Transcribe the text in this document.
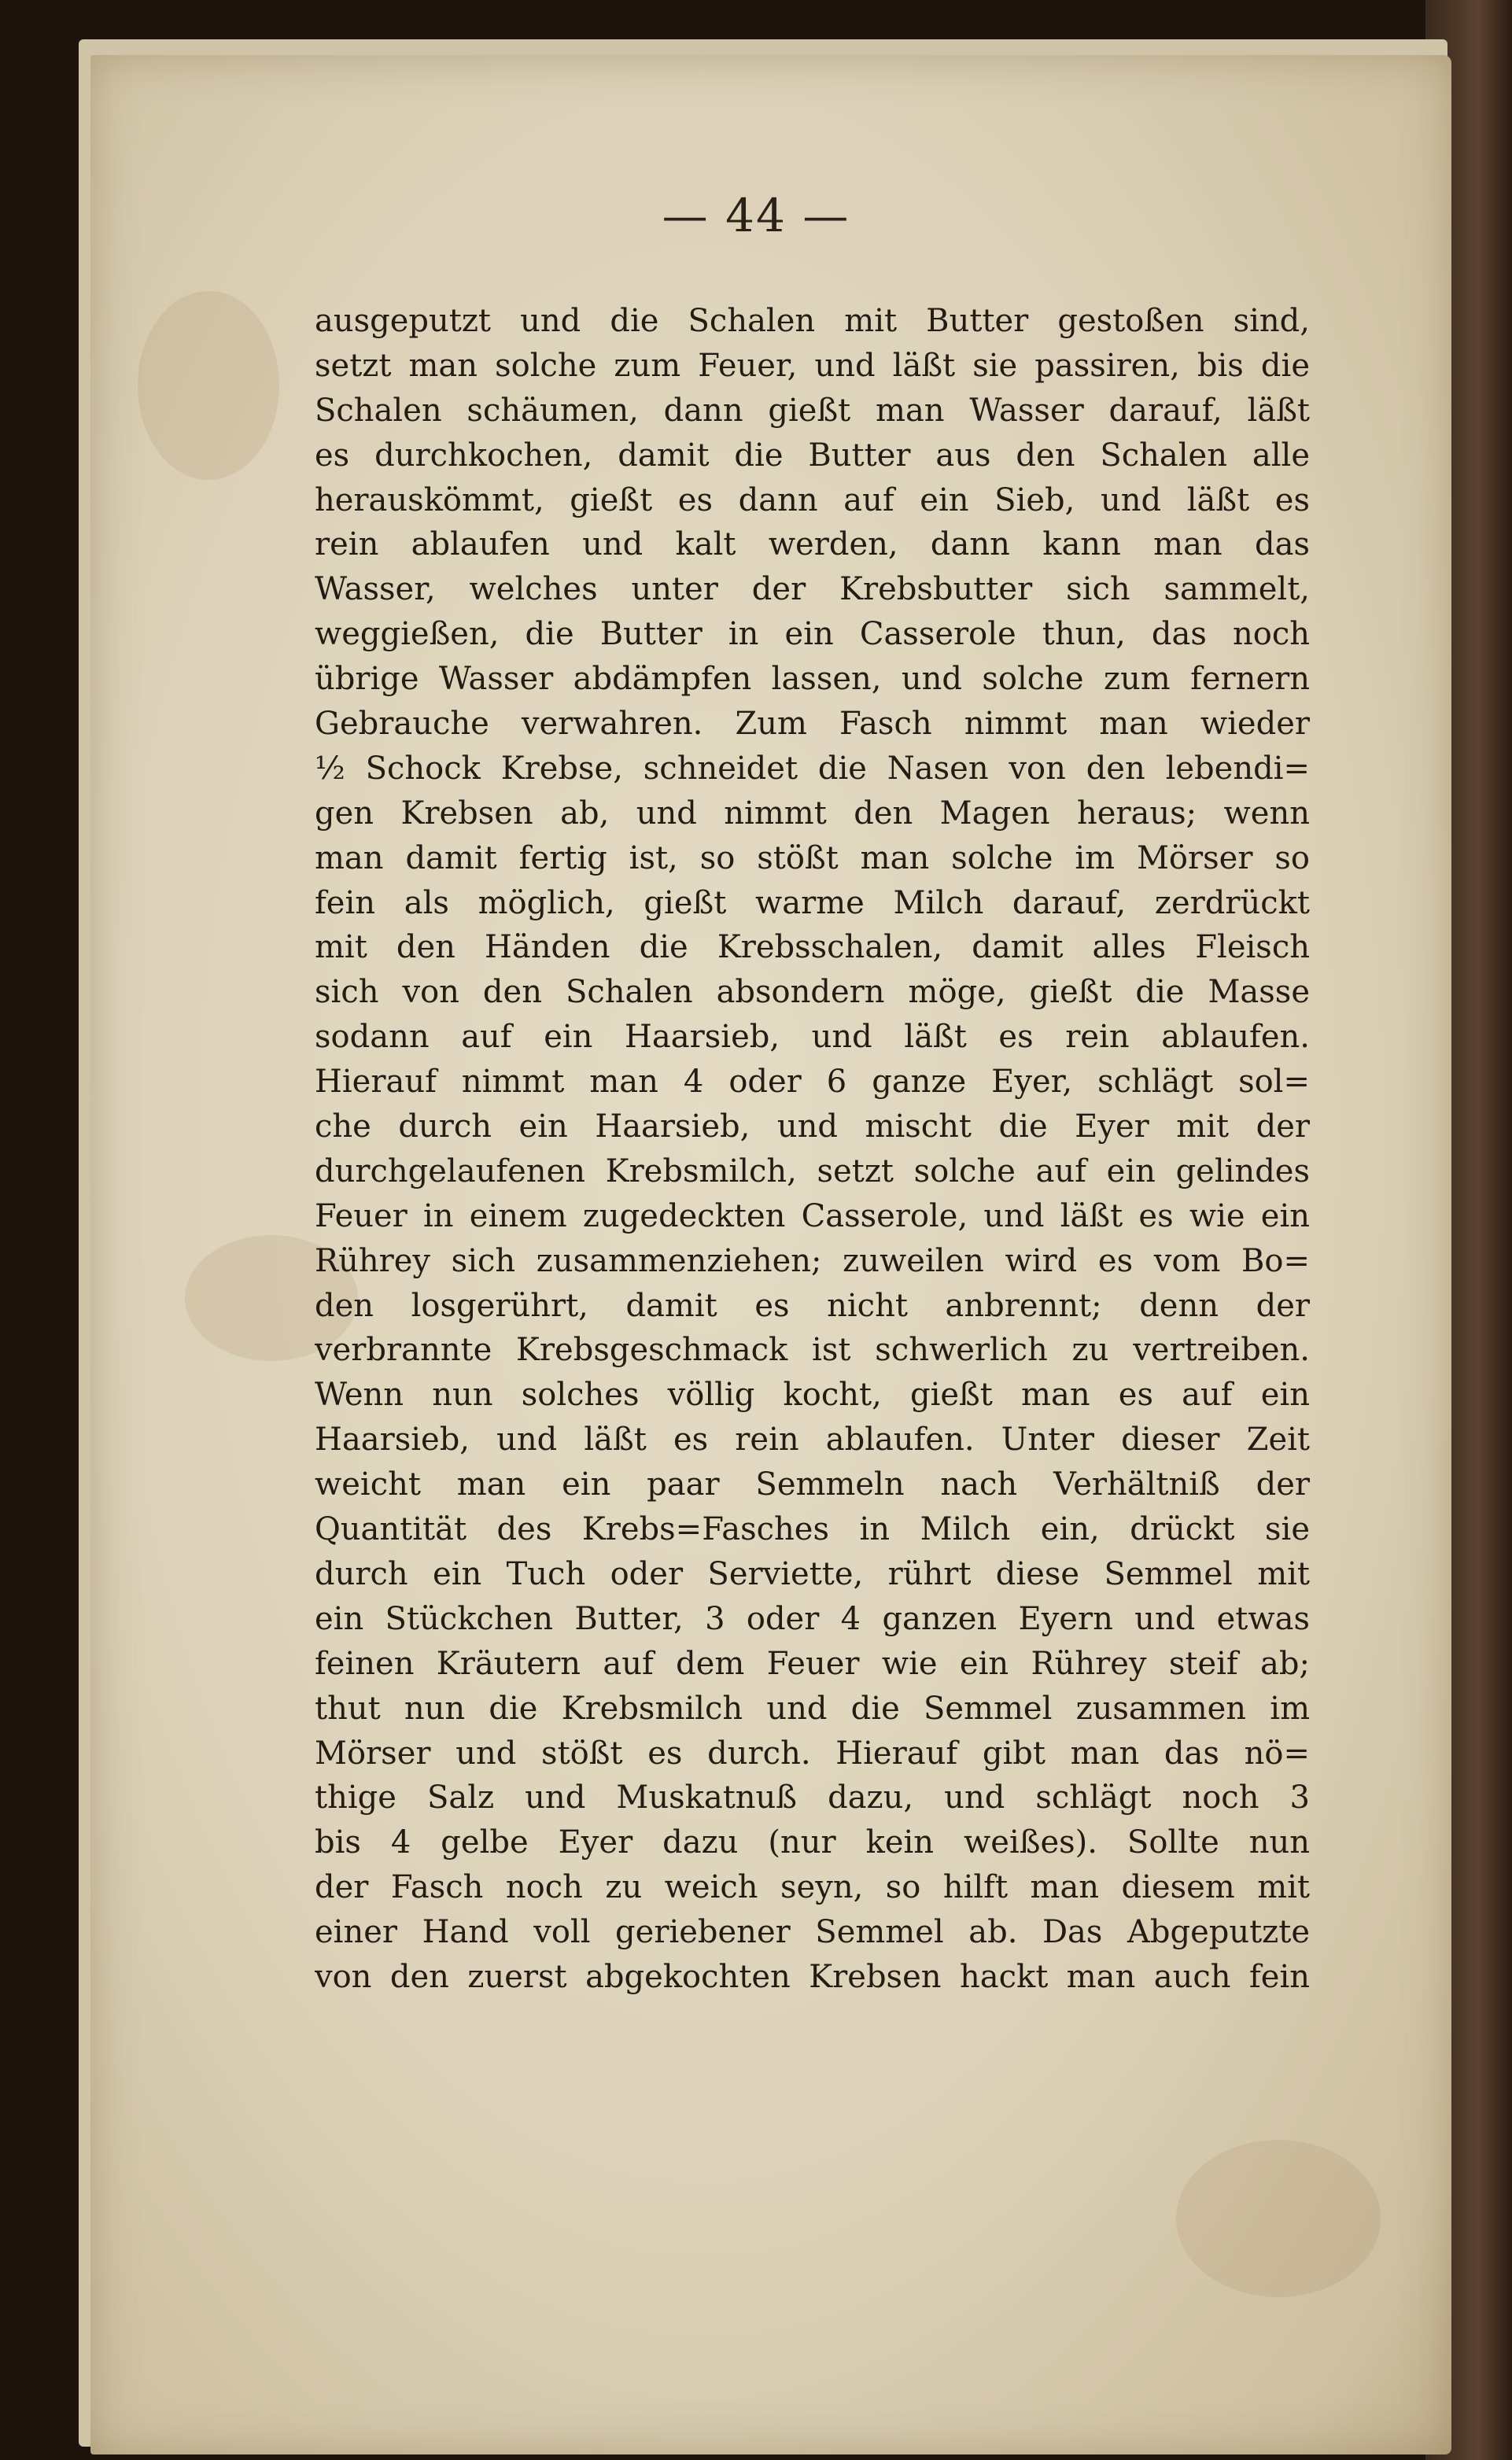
— 44 —
ausgeputzt und die Schalen mit Butter gestoßen sind,
setzt man solche zum Feuer, und läßt sie passiren, bis die
Schalen schäumen, dann gießt man Wasser darauf, läßt
es durchkochen, damit die Butter aus den Schalen alle
herauskömmt, gießt es dann auf ein Sieb, und läßt es
rein ablaufen und kalt werden, dann kann man das
Wasser, welches unter der Krebsbutter sich sammelt,
weggießen, die Butter in ein Casserole thun, das noch
übrige Wasser abdämpfen lassen, und solche zum fernern
Gebrauche verwahren. Zum Fasch nimmt man wieder
½ Schock Krebse, schneidet die Nasen von den lebendi=
gen Krebsen ab, und nimmt den Magen heraus; wenn
man damit fertig ist, so stößt man solche im Mörser so
fein als möglich, gießt warme Milch darauf, zerdrückt
mit den Händen die Krebsschalen, damit alles Fleisch
sich von den Schalen absondern möge, gießt die Masse
sodann auf ein Haarsieb, und läßt es rein ablaufen.
Hierauf nimmt man 4 oder 6 ganze Eyer, schlägt sol=
che durch ein Haarsieb, und mischt die Eyer mit der
durchgelaufenen Krebsmilch, setzt solche auf ein gelindes
Feuer in einem zugedeckten Casserole, und läßt es wie ein
Rührey sich zusammenziehen; zuweilen wird es vom Bo=
den losgerührt, damit es nicht anbrennt; denn der
verbrannte Krebsgeschmack ist schwerlich zu vertreiben.
Wenn nun solches völlig kocht, gießt man es auf ein
Haarsieb, und läßt es rein ablaufen. Unter dieser Zeit
weicht man ein paar Semmeln nach Verhältniß der
Quantität des Krebs=Fasches in Milch ein, drückt sie
durch ein Tuch oder Serviette, rührt diese Semmel mit
ein Stückchen Butter, 3 oder 4 ganzen Eyern und etwas
feinen Kräutern auf dem Feuer wie ein Rührey steif ab;
thut nun die Krebsmilch und die Semmel zusammen im
Mörser und stößt es durch. Hierauf gibt man das nö=
thige Salz und Muskatnuß dazu, und schlägt noch 3
bis 4 gelbe Eyer dazu (nur kein weißes). Sollte nun
der Fasch noch zu weich seyn, so hilft man diesem mit
einer Hand voll geriebener Semmel ab. Das Abgeputzte
von den zuerst abgekochten Krebsen hackt man auch fein
